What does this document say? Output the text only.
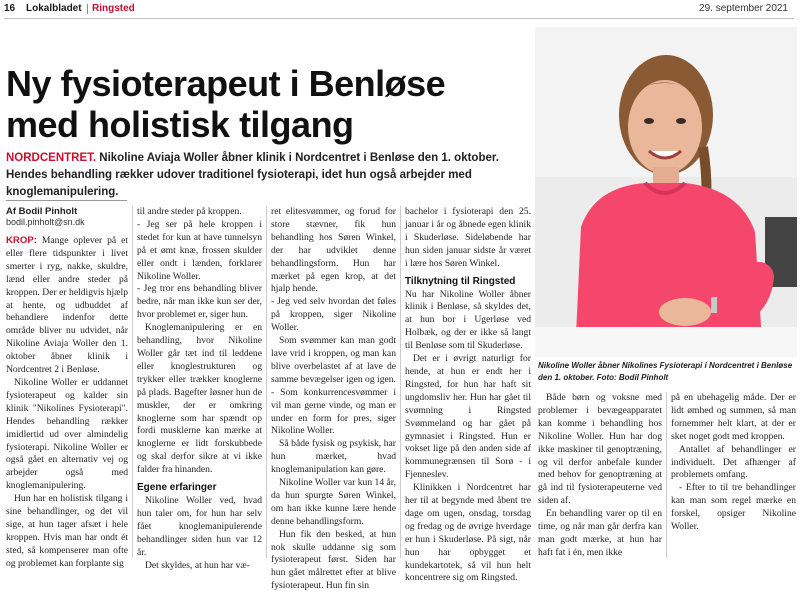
16 Lokalbladet Ringsted	29. september 2021
Ny fysioterapeut i Benløse med holistisk tilgang
NORDCENTRET. Nikoline Aviaja Woller åbner klinik i Nordcentret i Benløse den 1. oktober. Hendes behandling rækker udover traditionel fysioterapi, idet hun også arbejder med knoglemanipulering.
Nikoline Woller åbner Nikolines Fysioterapi i Nordcentret i Benløse den 1. oktober. Foto: Bodil Pinholt
Af Bodil Pinholt
bodil.pinholt@sn.dk

KROP: Mange oplever på et eller flere tidspunkter i livet smerter i ryg, nakke, skuldre, lænd eller andre steder på kroppen. Der er heldigvis hjælp at hente, og udbuddet af behandlere indenfor dette område bliver nu udvidet, når Nikoline Aviaja Woller den 1. oktober åbner klinik i Nordcentret 2 i Benløse.

Nikoline Woller er uddannet fysioterapeut og kalder sin klinik "Nikolines Fysioterapi". Hendes behandling rækker imidlertid ud over almindelig fysioterapi. Nikoline Woller er også gået en alternativ vej og arbejder også med knoglemanipulering.

Hun har en holistisk tilgang i sine behandlinger, og det vil sige, at hun tager afsæt i hele kroppen. Hvis man har ondt ét sted, så kompenserer man ofte og problemet kan forplante sig

til andre steder på kroppen.

- Jeg ser på hele kroppen i stedet for kun at have tunnelsyn på et ømt knæ, frossen skulder eller ondt i lænden, forklarer Nikoline Woller.

- Jeg tror ens behandling bliver bedre, når man ikke kun ser der, hvor problemet er, siger hun.

Knoglemanipulering er en behandling, hvor Nikoline Woller går tæt ind til leddene eller knoglestrukturen og trykker eller trækker knoglerne på plads. Bagefter løsner hun de muskler, der er omkring knoglerne som har spændt op fordi musklerne kan mærke at knoglerne er lidt forskubbede og skal derfor sikre at vi ikke falder fra hinanden.

Egene erfaringer

Nikoline Woller ved, hvad hun taler om, for hun har selv fået knoglemanipulerende behandlinger siden hun var 12 år.

Det skyldes, at hun har væ-

ret elitesvømmer, og forud for store stævner, fik hun behandling hos Søren Winkel, der har udviklet denne behandlingsform. Hun har mærket på egen krop, at det hjalp hende.

- Jeg ved selv hvordan det føles på kroppen, siger Nikoline Woller.

Som svømmer kan man godt lave vrid i kroppen, og man kan blive overbelastet af at lave de samme bevægelser igen og igen.

- Som konkurrencesvømmer i vil man gerne vinde, og man er under en form for pres, siger Nikoline Woller.

Så både fysisk og psykisk, har hun mærket, hvad knoglemanipulation kan gøre.

Nikoline Woller var kun 14 år, da hun spurgte Søren Winkel, om han ikke kunne lære hende denne behandlingsform.

Hun fik den besked, at hun nok skulle uddanne sig som fysioterapeut først. Siden har hun gået målrettet efter at blive fysioterapeut. Hun fin sin

bachelor i fysioterapi den 25. januar i år og åbnede egen klinik i Skuderløse. Sideløbende har hun siden januar sidste år været i lære hos Søren Winkel.

Tilknytning til Ringsted

Nu har Nikoline Woller åbner klinik i Benløse, så skyldes det, at hun bor i Ugerløse ved Holbæk, og der er ikke så langt til Benløse som til Skuderløse.

Det er i øvrigt naturligt for hende, at hun er endt her i Ringsted, for hun har haft sit ungdomsliv her. Hun har gået til svømning i Ringsted Svømmeland og har gået på gymnasiet i Ringsted. Hun er vokset lige på den anden side af kommunegrænsen til Sorø - i Fjenneslev.

Klinikken i Nordcentret har her til at begynde med åbent tre dage om ugen, onsdag, torsdag og fredag og de øvrige hverdage er hun i Skuderløse. På sigt, når hun har opbygget et kundekartotek, så vil hun helt koncentrere sig om Ringsted.

Både børn og voksne med problemer i bevægeapparatet kan komme i behandling hos Nikoline Woller. Hun har dog ikke maskiner til genoptræning, og vil derfor anbefale kunder med behov for genoptræning at gå ind til fysioterapeuterne ved siden af.

En behandling varer op til en time, og når man går derfra kan man godt mærke, at hun har haft fat i én, men ikke

på en ubehagelig måde. Der er lidt ømhed og summen, så man fornemmer helt klart, at der er sket noget godt med kroppen.

Antallet af behandlinger er individuelt. Det afhænger af problemets omfang.

- Efter to til tre behandlinger kan man som regel mærke en forskel, opsiger Nikoline Woller.
